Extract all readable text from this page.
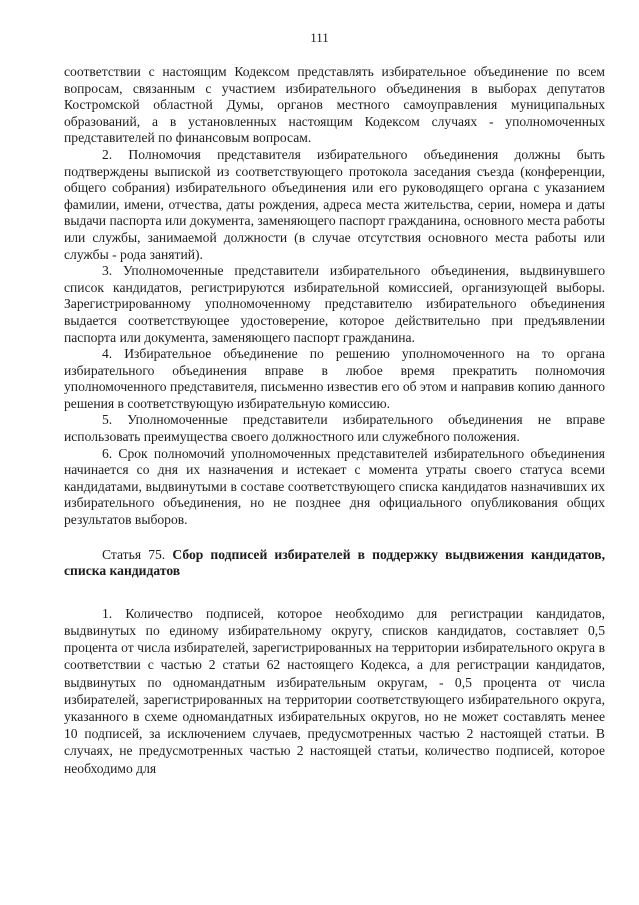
111

соответствии с настоящим Кодексом представлять избирательное объединение по всем вопросам, связанным с участием избирательного объединения в выборах депутатов Костромской областной Думы, органов местного самоуправления муниципальных образований, а в установленных настоящим Кодексом случаях - уполномоченных представителей по финансовым вопросам.

2. Полномочия представителя избирательного объединения должны быть подтверждены выпиской из соответствующего протокола заседания съезда (конференции, общего собрания) избирательного объединения или его руководящего органа с указанием фамилии, имени, отчества, даты рождения, адреса места жительства, серии, номера и даты выдачи паспорта или документа, заменяющего паспорт гражданина, основного места работы или службы, занимаемой должности (в случае отсутствия основного места работы или службы - рода занятий).

3. Уполномоченные представители избирательного объединения, выдвинувшего список кандидатов, регистрируются избирательной комиссией, организующей выборы. Зарегистрированному уполномоченному представителю избирательного объединения выдается соответствующее удостоверение, которое действительно при предъявлении паспорта или документа, заменяющего паспорт гражданина.

4. Избирательное объединение по решению уполномоченного на то органа избирательного объединения вправе в любое время прекратить полномочия уполномоченного представителя, письменно известив его об этом и направив копию данного решения в соответствующую избирательную комиссию.

5. Уполномоченные представители избирательного объединения не вправе использовать преимущества своего должностного или служебного положения.

6. Срок полномочий уполномоченных представителей избирательного объединения начинается со дня их назначения и истекает с момента утраты своего статуса всеми кандидатами, выдвинутыми в составе соответствующего списка кандидатов назначивших их избирательного объединения, но не позднее дня официального опубликования общих результатов выборов.

Статья 75. Сбор подписей избирателей в поддержку выдвижения кандидатов, списка кандидатов

1. Количество подписей, которое необходимо для регистрации кандидатов, выдвинутых по единому избирательному округу, списков кандидатов, составляет 0,5 процента от числа избирателей, зарегистрированных на территории избирательного округа в соответствии с частью 2 статьи 62 настоящего Кодекса, а для регистрации кандидатов, выдвинутых по одномандатным избирательным округам, - 0,5 процента от числа избирателей, зарегистрированных на территории соответствующего избирательного округа, указанного в схеме одномандатных избирательных округов, но не может составлять менее 10 подписей, за исключением случаев, предусмотренных частью 2 настоящей статьи. В случаях, не предусмотренных частью 2 настоящей статьи, количество подписей, которое необходимо для
